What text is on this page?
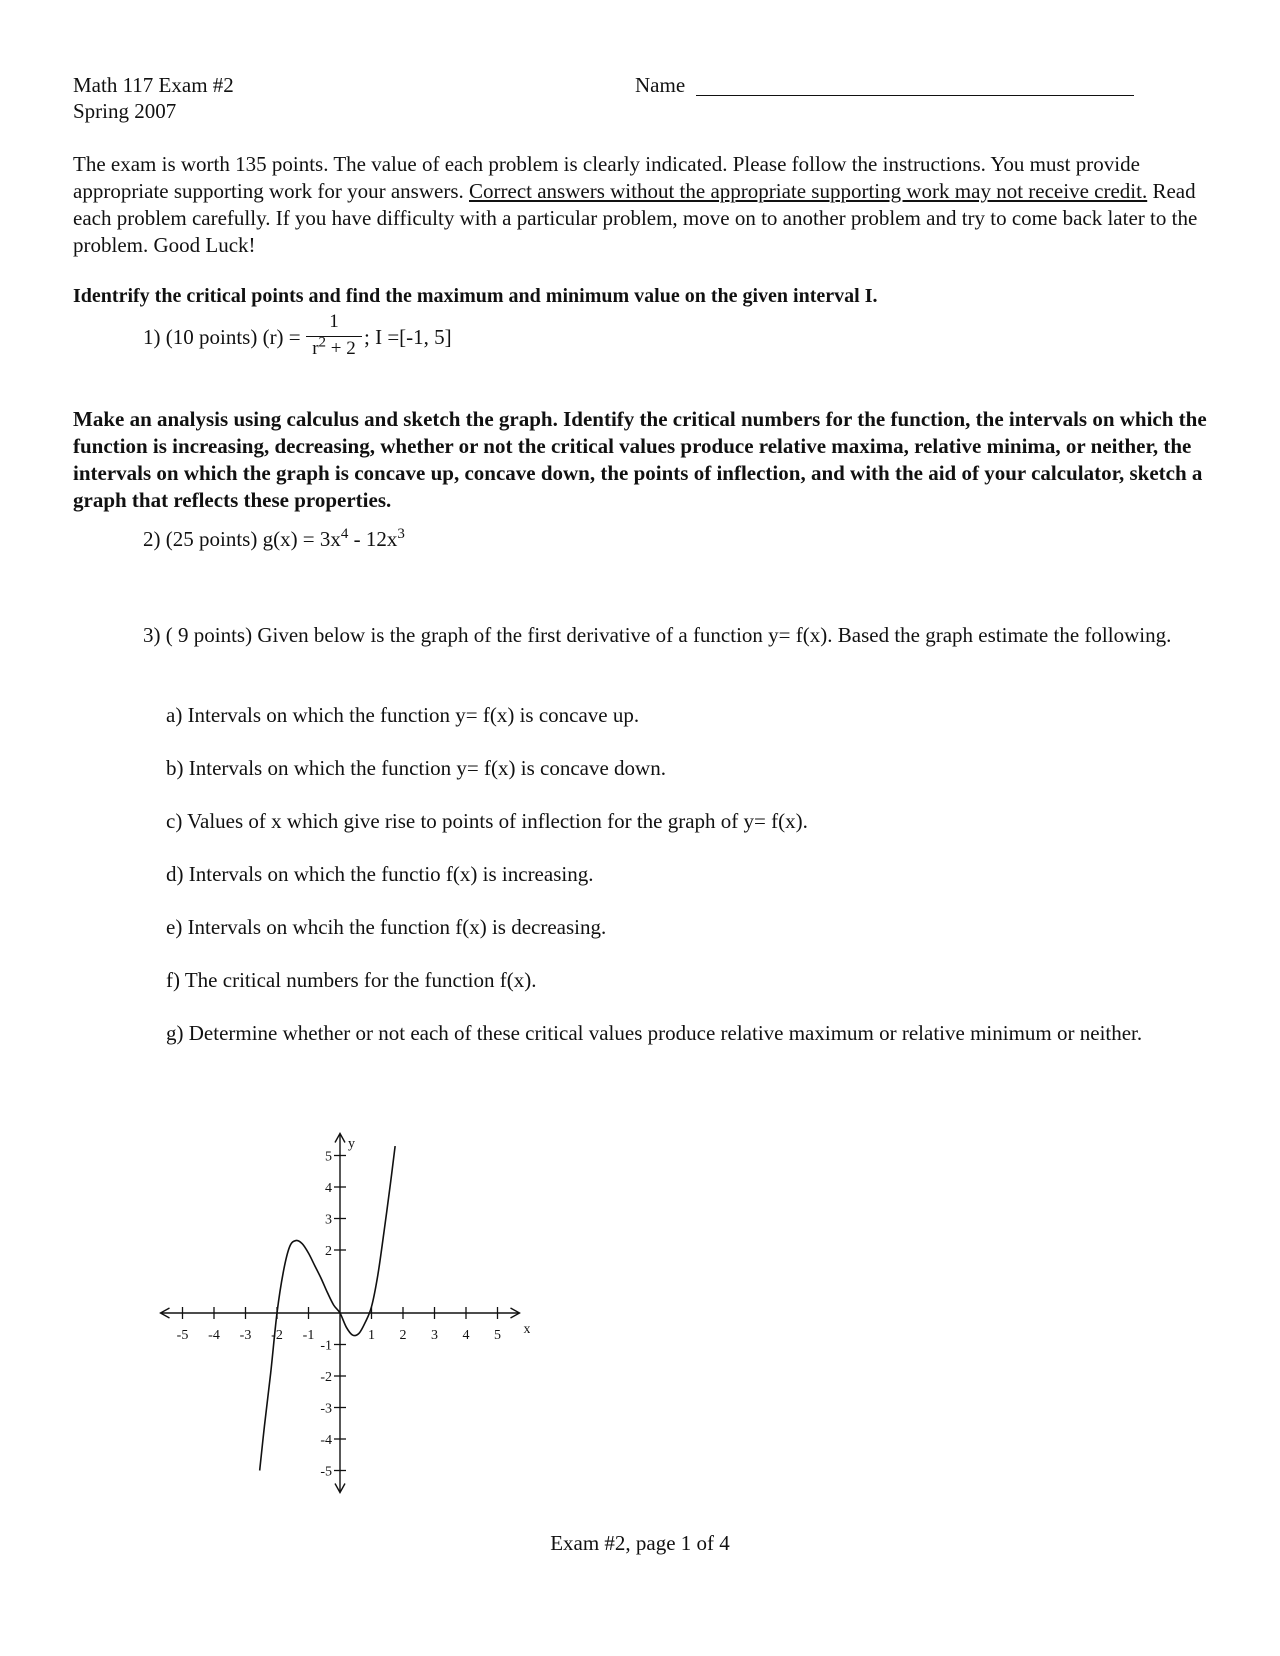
Math 117 Exam #2
Spring 2007
Name
The exam is worth 135 points. The value of each problem is clearly indicated. Please follow the instructions. You must provide appropriate supporting work for your answers. Correct answers without the appropriate supporting work may not receive credit. Read each problem carefully. If you have difficulty with a particular problem, move on to another problem and try to come back later to the problem. Good Luck!
Identrify the critical points and find the maximum and minimum value on the given interval I.
1) (10 points) (r) =
1
$r^2 + 2$ ; I =[-1, 5]
Make an analysis using calculus and sketch the graph. Identify the critical numbers for the function, the intervals on which the function is increasing, decreasing, whether or not the critical values produce relative maxima, relative minima, or neither, the intervals on which the graph is concave up, concave down, the points of inflection, and with the aid of your calculator, sketch a graph that reflects these properties.
2) (25 points) $g(x) = 3x^4 - 12x^3$
3) ( 9 points) Given below is the graph of the first derivative of a function y= f(x). Based the graph estimate the following.
a) Intervals on which the function y= f(x) is concave up.
b) Intervals on which the function y= f(x) is concave down.
c) Values of x which give rise to points of inflection for the graph of y= f(x).
d) Intervals on which the functio f(x) is increasing.
e) Intervals on whcih the function f(x) is decreasing.
f) The critical numbers for the function f(x).
g) Determine whether or not each of these critical values produce relative maximum or relative minimum or neither.
-5 -4 -3 -2 -1	1 2 3 4 5 x
5
4
3
2
-1
-2
-3
-4
-5
y
Exam #2, page 1 of 4
